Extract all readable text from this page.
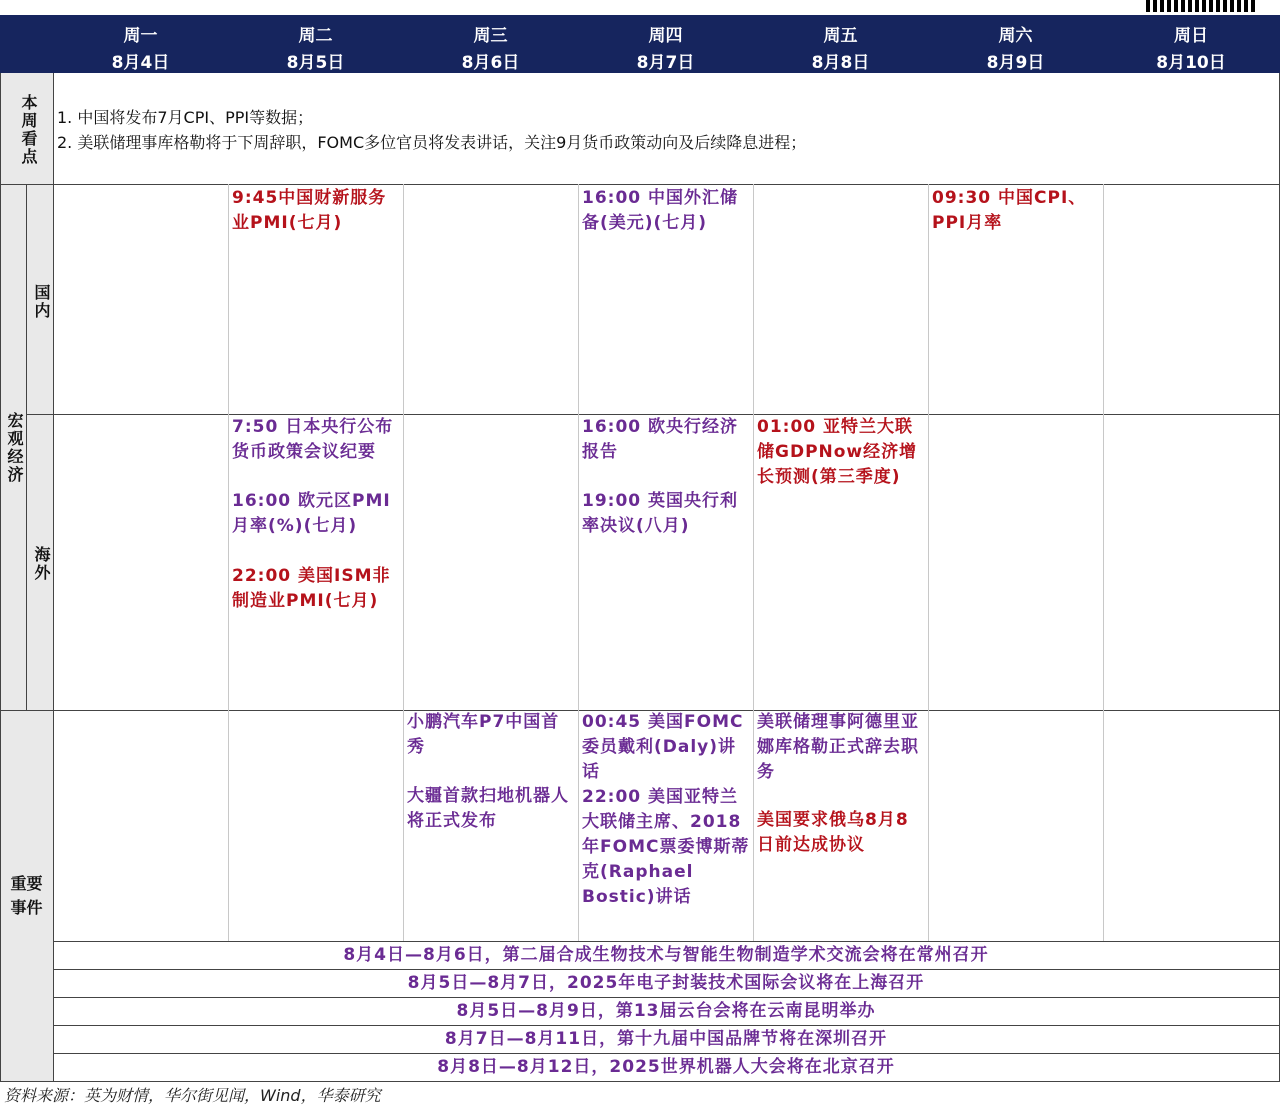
周一
8月4日
周二
8月5日
周三
8月6日
周四
8月7日
周五
8月8日
周六
8月9日
周日
8月10日
本周看点
宏观经济
国内
海外
重要事件
1. 中国将发布7月CPI、PPI等数据；
2. 美联储理事库格勒将于下周辞职，FOMC多位官员将发表讲话，关注9月货币政策动向及后续降息进程；
9:45中国财新服务业PMI(七月)
16:00 中国外汇储备(美元)(七月)
09:30 中国CPI、PPI月率
7:50 日本央行公布货币政策会议纪要
16:00 欧元区PMI月率(%)(七月)
22:00 美国ISM非制造业PMI(七月)
16:00 欧央行经济报告
19:00 英国央行利率决议(八月)
01:00 亚特兰大联储GDPNow经济增长预测(第三季度)
小鹏汽车P7中国首秀
大疆首款扫地机器人将正式发布
00:45 美国FOMC委员戴利(Daly)讲话
22:00 美国亚特兰大联储主席、2018年FOMC票委博斯蒂克(Raphael Bostic)讲话
美联储理事阿德里亚娜库格勒正式辞去职务
美国要求俄乌8月8日前达成协议
8月4日—8月6日，第二届合成生物技术与智能生物制造学术交流会将在常州召开
8月5日—8月7日，2025年电子封装技术国际会议将在上海召开
8月5日—8月9日，第13届云台会将在云南昆明举办
8月7日—8月11日，第十九届中国品牌节将在深圳召开
8月8日—8月12日，2025世界机器人大会将在北京召开
资料来源：英为财情，华尔街见闻，Wind，华泰研究
